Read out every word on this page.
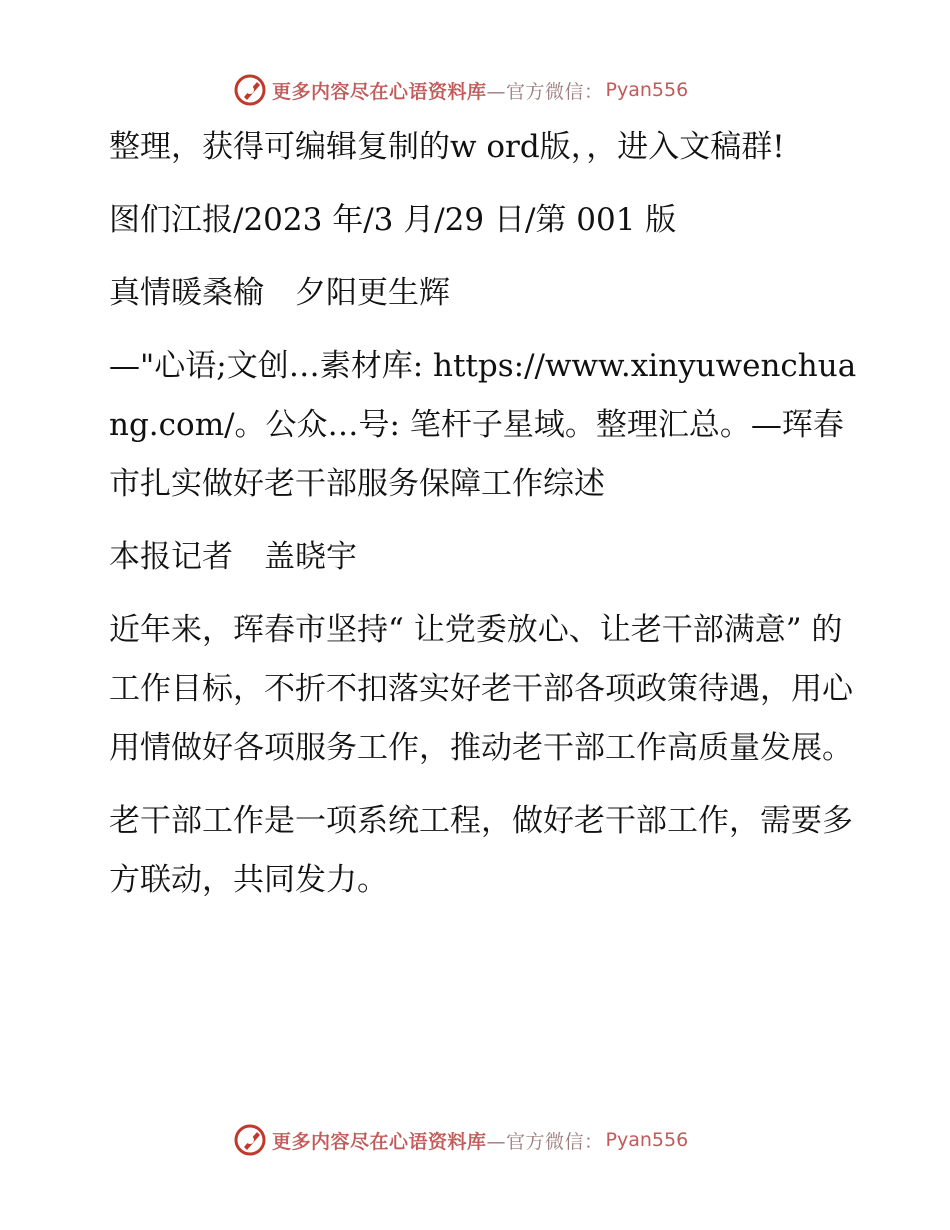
更多内容尽在心语资料库 —官方微信： Pyan556

整理，获得可编辑复制的w ord版，，进入文稿群!

图们江报/2023 年/3 月/29 日/第 001 版

真情暖桑榆　夕阳更生辉

—"心语;文创…素材库: https://www.xinyuwenchuang.com/。公众…号: 笔杆子星域。整理汇总。—珲春市扎实做好老干部服务保障工作综述

本报记者　盖晓宇

近年来，珲春市坚持“ 让党委放心、让老干部满意” 的工作目标，不折不扣落实好老干部各项政策待遇，用心用情做好各项服务工作，推动老干部工作高质量发展。

老干部工作是一项系统工程，做好老干部工作，需要多方联动，共同发力。

更多内容尽在心语资料库 —官方微信： Pyan556
